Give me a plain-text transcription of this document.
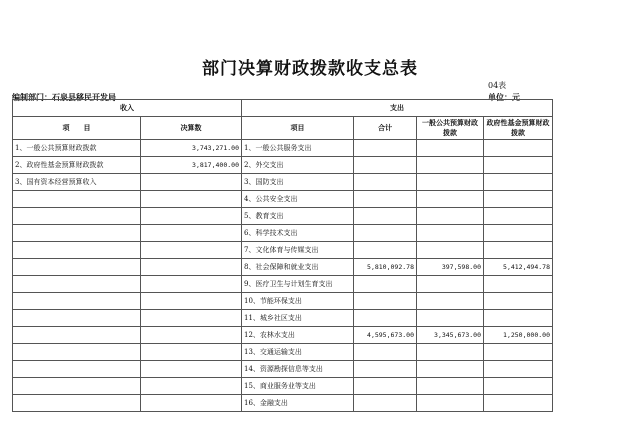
部门决算财政拨款收支总表
04表
编制部门：石泉县移民开发局	单位：元
收入		支出			
项　　目	决算数	项目	合计	一般公共预算财政拨款	政府性基金预算财政拨款
1、一般公共预算财政拨款	3,743,271.00	1、一般公共服务支出			
2、政府性基金预算财政拨款	3,817,400.00	2、外交支出			
3、国有资本经营预算收入		3、国防支出			
		4、公共安全支出			
		5、教育支出			
		6、科学技术支出			
		7、文化体育与传媒支出			
		8、社会保障和就业支出	5,810,092.78	397,598.00	5,412,494.78
		9、医疗卫生与计划生育支出			
		10、节能环保支出			
		11、城乡社区支出			
		12、农林水支出	4,595,673.00	3,345,673.00	1,250,000.00
		13、交通运输支出			
		14、资源勘探信息等支出			
		15、商业服务业等支出			
		16、金融支出			
